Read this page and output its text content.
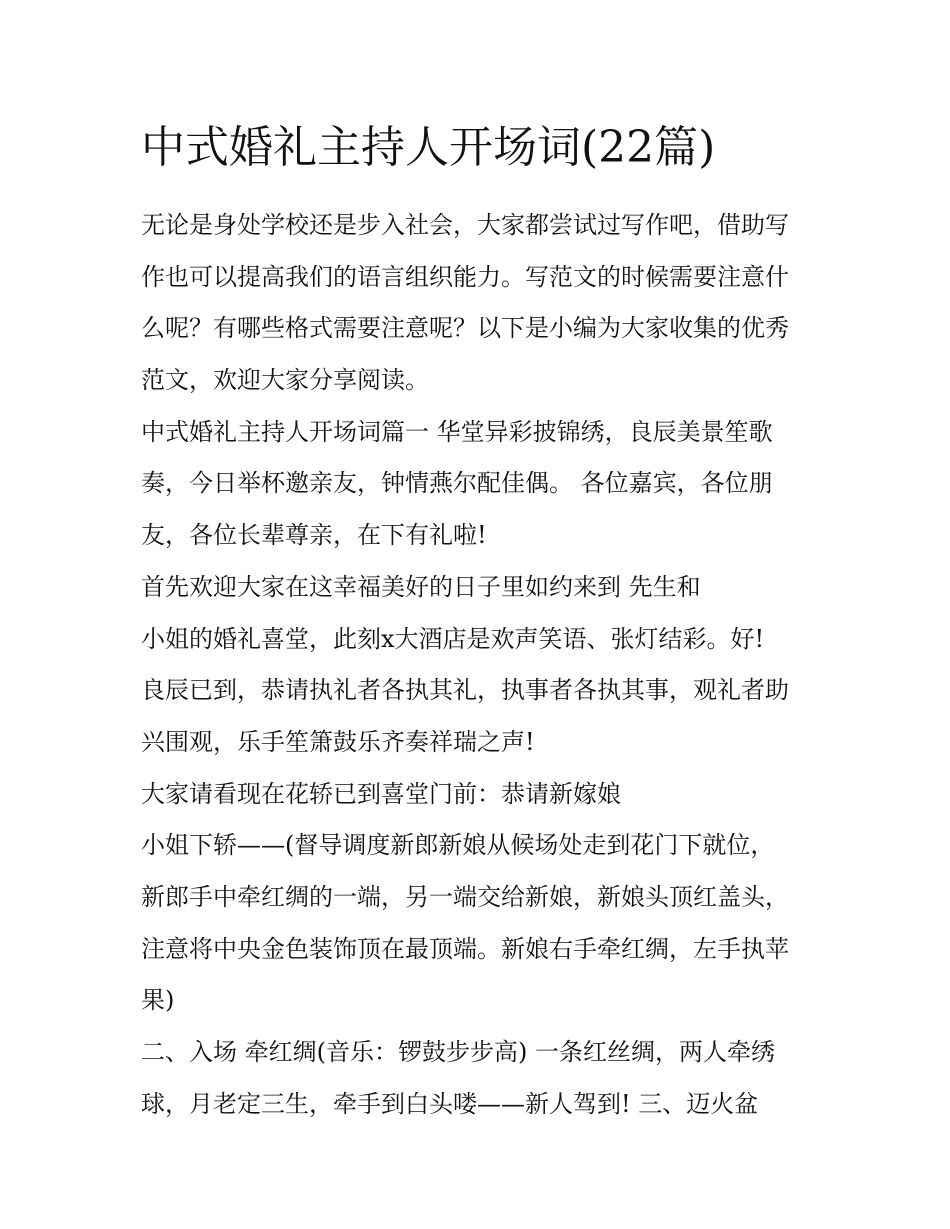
中式婚礼主持人开场词(22篇)
无论是身处学校还是步入社会，大家都尝试过写作吧，借助写
作也可以提高我们的语言组织能力。写范文的时候需要注意什
么呢？有哪些格式需要注意呢？以下是小编为大家收集的优秀
范文，欢迎大家分享阅读。
中式婚礼主持人开场词篇一 华堂异彩披锦绣，良辰美景笙歌
奏，今日举杯邀亲友，钟情燕尔配佳偶。 各位嘉宾，各位朋
友，各位长辈尊亲，在下有礼啦!
首先欢迎大家在这幸福美好的日子里如约来到 先生和
小姐的婚礼喜堂，此刻x大酒店是欢声笑语、张灯结彩。好!
良辰已到，恭请执礼者各执其礼，执事者各执其事，观礼者助
兴围观，乐手笙箫鼓乐齐奏祥瑞之声!
大家请看现在花轿已到喜堂门前：恭请新嫁娘
小姐下轿——(督导调度新郎新娘从候场处走到花门下就位，
新郎手中牵红绸的一端，另一端交给新娘，新娘头顶红盖头，
注意将中央金色装饰顶在最顶端。新娘右手牵红绸，左手执苹
果)
二、入场 牵红绸(音乐：锣鼓步步高) 一条红丝绸，两人牵绣
球，月老定三生，牵手到白头喽——新人驾到! 三、迈火盆
